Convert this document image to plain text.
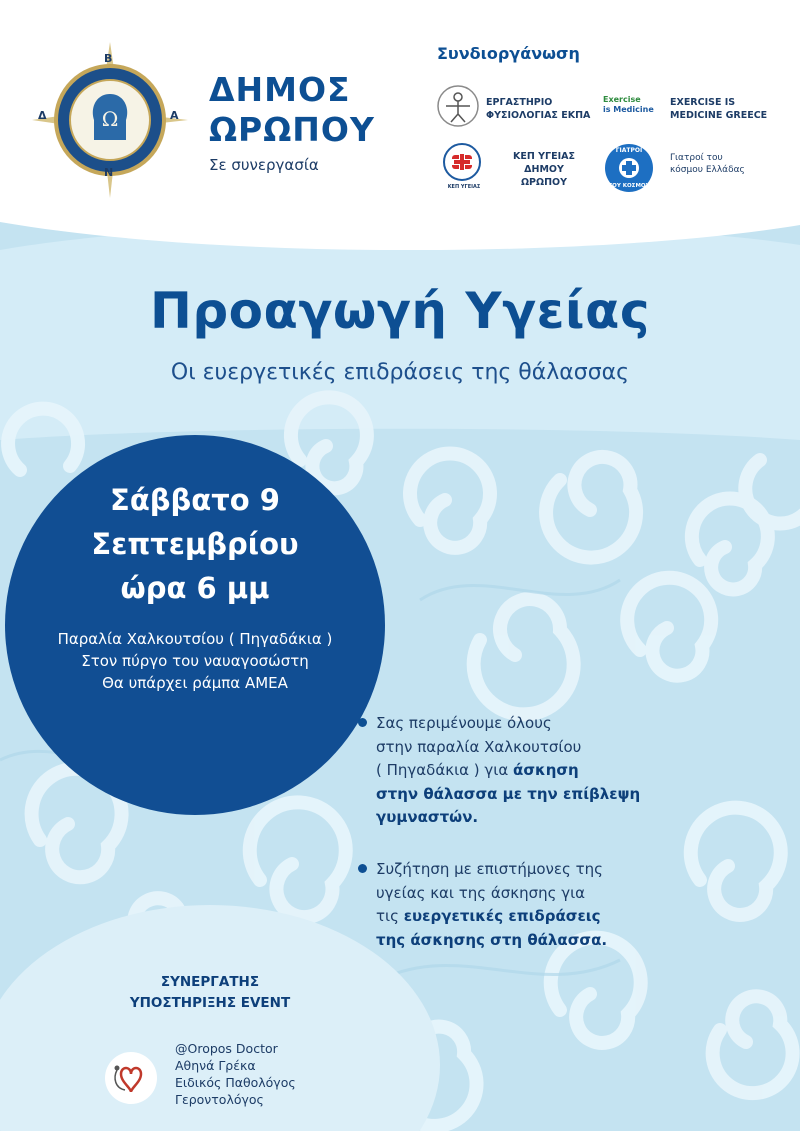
Ω
Β
Α
Ν
Δ
ΔΗΜΟΣ
ΩΡΩΠΟΥ
Σε συνεργασία
Συνδιοργάνωση
ΕΡΓΑΣΤΗΡΙΟ
ΦΥΣΙΟΛΟΓΙΑΣ ΕΚΠΑ
Exercise
is Medicine
EXERCISE IS
MEDICINE GREECE
ΚΕΠ ΥΓΕΙΑΣ
ΔΗΜΟΥ ΩΡΩΠΟΥ
Γιατροί του
κόσμου Ελλάδας
Προαγωγή Υγείας
Οι ευεργετικές επιδράσεις της θάλασσας
Σάββατο 9
Σεπτεμβρίου
ώρα 6 μμ
Παραλία Χαλκουτσίου ( Πηγαδάκια )
Στον πύργο του ναυαγοσώστη
Θα υπάρχει ράμπα ΑΜΕΑ
Σας περιμένουμε όλους
στην παραλία Χαλκουτσίου
( Πηγαδάκια ) για άσκηση
στην θάλασσα με την επίβλεψη
γυμναστών.
Συζήτηση με επιστήμονες της
υγείας και της άσκησης για
τις ευεργετικές επιδράσεις
της άσκησης στη θάλασσα.
ΣΥΝΕΡΓΑΤΗΣ
ΥΠΟΣΤΗΡΙΞΗΣ EVENT
@Oropos Doctor
Αθηνά Γρέκα
Ειδικός Παθολόγος
Γεροντολόγος
ΚΕΠ ΥΓΕΙΑΣ
ΓΙΑΤΡΟΙ
ΤΟΥ ΚΟΣΜΟΥ
